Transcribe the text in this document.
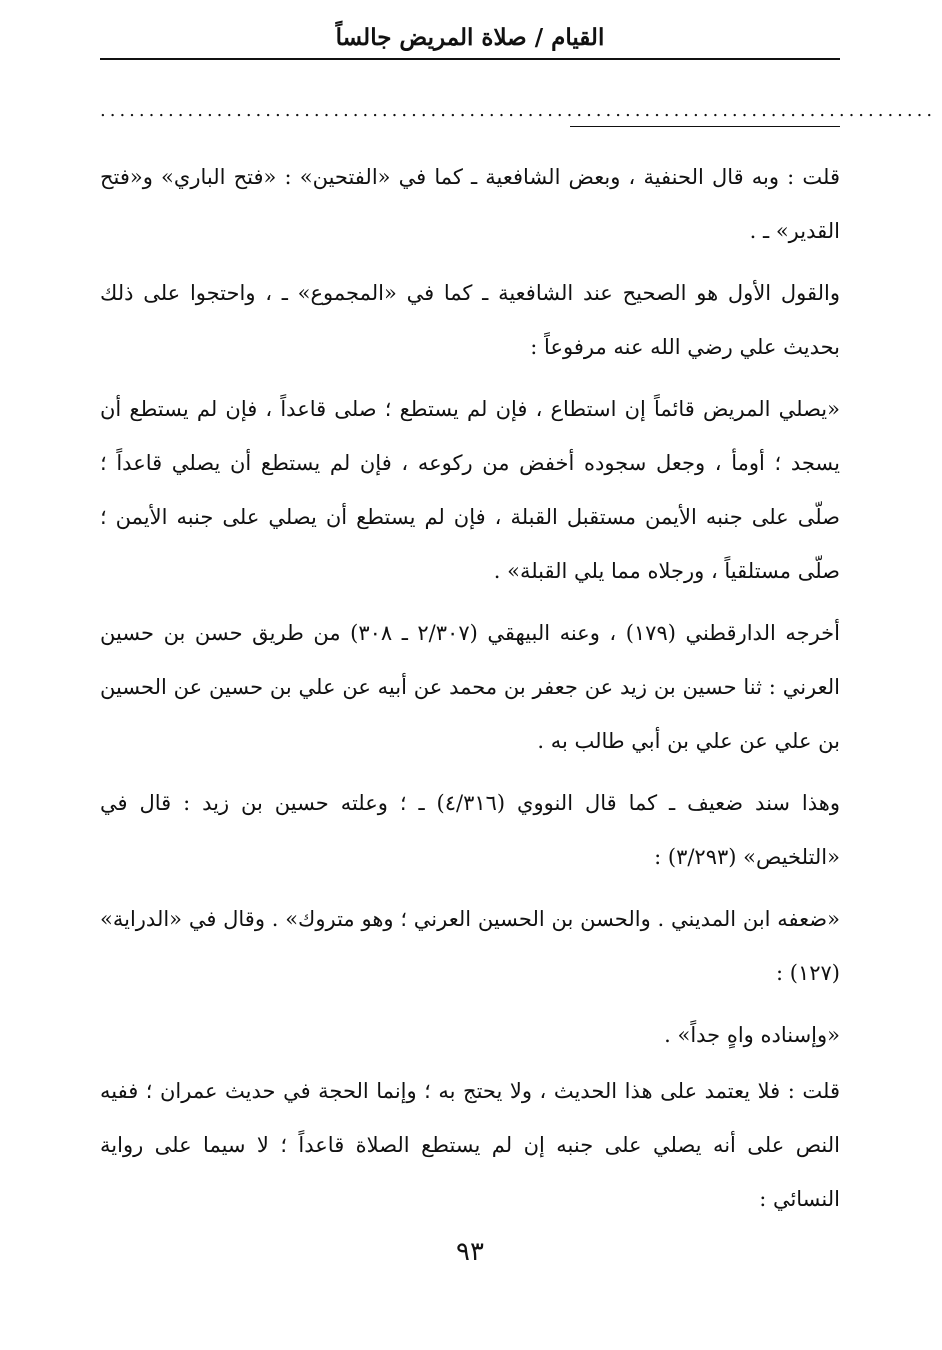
القيام / صلاة المريض جالساً
......................................................................................

قلت : وبه قال الحنفية ، وبعض الشافعية ـ كما في «الفتحين» : «فتح الباري» و«فتح القدير» ـ .

والقول الأول هو الصحيح عند الشافعية ـ كما في «المجموع» ـ ، واحتجوا على ذلك بحديث علي رضي الله عنه مرفوعاً :

«يصلي المريض قائماً إن استطاع ، فإن لم يستطع ؛ صلى قاعداً ، فإن لم يستطع أن يسجد ؛ أومأ ، وجعل سجوده أخفض من ركوعه ، فإن لم يستطع أن يصلي قاعداً ؛ صلّى على جنبه الأيمن مستقبل القبلة ، فإن لم يستطع أن يصلي على جنبه الأيمن ؛ صلّى مستلقياً ، ورجلاه مما يلي القبلة» .

أخرجه الدارقطني (١٧٩) ، وعنه البيهقي (٢/٣٠٧ ـ ٣٠٨) من طريق حسن بن حسين العرني : ثنا حسين بن زيد عن جعفر بن محمد عن أبيه عن علي بن حسين عن الحسين بن علي عن علي بن أبي طالب به .

وهذا سند ضعيف ـ كما قال النووي (٤/٣١٦) ـ ؛ وعلته حسين بن زيد : قال في «التلخيص» (٣/٢٩٣) :

«ضعفه ابن المديني . والحسن بن الحسين العرني ؛ وهو متروك» . وقال في «الدراية» (١٢٧) :

«وإسناده واهٍ جداً» .

قلت : فلا يعتمد على هذا الحديث ، ولا يحتج به ؛ وإنما الحجة في حديث عمران ؛ ففيه النص على أنه يصلي على جنبه إن لم يستطع الصلاة قاعداً ؛ لا سيما على رواية النسائي :

٩٣
